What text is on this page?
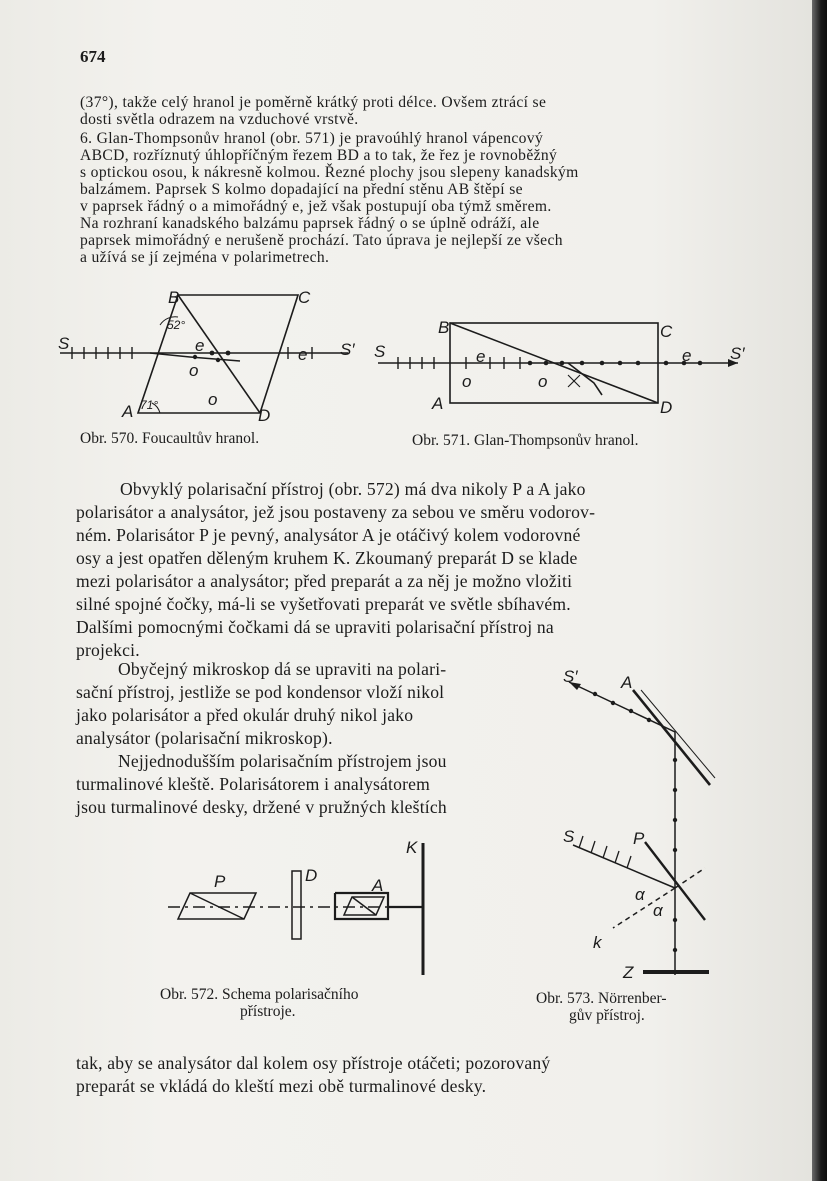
674

(37°), takže celý hranol je poměrně krátký proti délce. Ovšem ztrácí se

dosti světla odrazem na vzduchové vrstvě.

6. Glan-Thompsonův hranol (obr. 571) je pravoúhlý hranol vápencový

ABCD, rozříznutý úhlopříčným řezem BD a to tak, že řez je rovnoběžný

s optickou osou, k nákresně kolmou. Řezné plochy jsou slepeny kanadským

balzámem. Paprsek S kolmo dopadající na přední stěnu AB štěpí se

v paprsek řádný o a mimořádný e, jež však postupují oba týmž směrem.

Na rozhraní kanadského balzámu paprsek řádný o se úplně odráží, ale

paprsek mimořádný e nerušeně prochází. Tato úprava je nejlepší ze všech

a užívá se jí zejména v polarimetrech.

B	C
A	D
S	S′
e	e
o
o
52°
71°

Obr. 570. Foucaultův hranol.

B	C
A	D
S	S′
e	e
o	o

Obr. 571. Glan-Thompsonův hranol.

Obvyklý polarisační přístroj (obr. 572) má dva nikoly P a A jako

polarisátor a analysátor, jež jsou postaveny za sebou ve směru vodorov-

ném. Polarisátor P je pevný, analysátor A je otáčivý kolem vodorovné

osy a jest opatřen děleným kruhem K. Zkoumaný preparát D se klade

mezi polarisátor a analysátor; před preparát a za něj je možno vložiti

silné spojné čočky, má-li se vyšetřovati preparát ve světle sbíhavém.

Dalšími pomocnými čočkami dá se upraviti polarisační přístroj na

projekci.

Obyčejný mikroskop dá se upraviti na polari-

sační přístroj, jestliže se pod kondensor vloží nikol

jako polarisátor a před okulár druhý nikol jako

analysátor (polarisační mikroskop).

Nejjednodušším polarisačním přístrojem jsou

turmalinové kleště. Polarisátorem i analysátorem

jsou turmalinové desky, držené v pružných kleštích

P	D
A
K

Obr. 572. Schema polarisačního

přístroje.

S′	A
S	P
α
α
k
Z

Obr. 573. Nörrenber-

gův přístroj.

tak, aby se analysátor dal kolem osy přístroje otáčeti; pozorovaný

preparát se vkládá do kleští mezi obě turmalinové desky.
